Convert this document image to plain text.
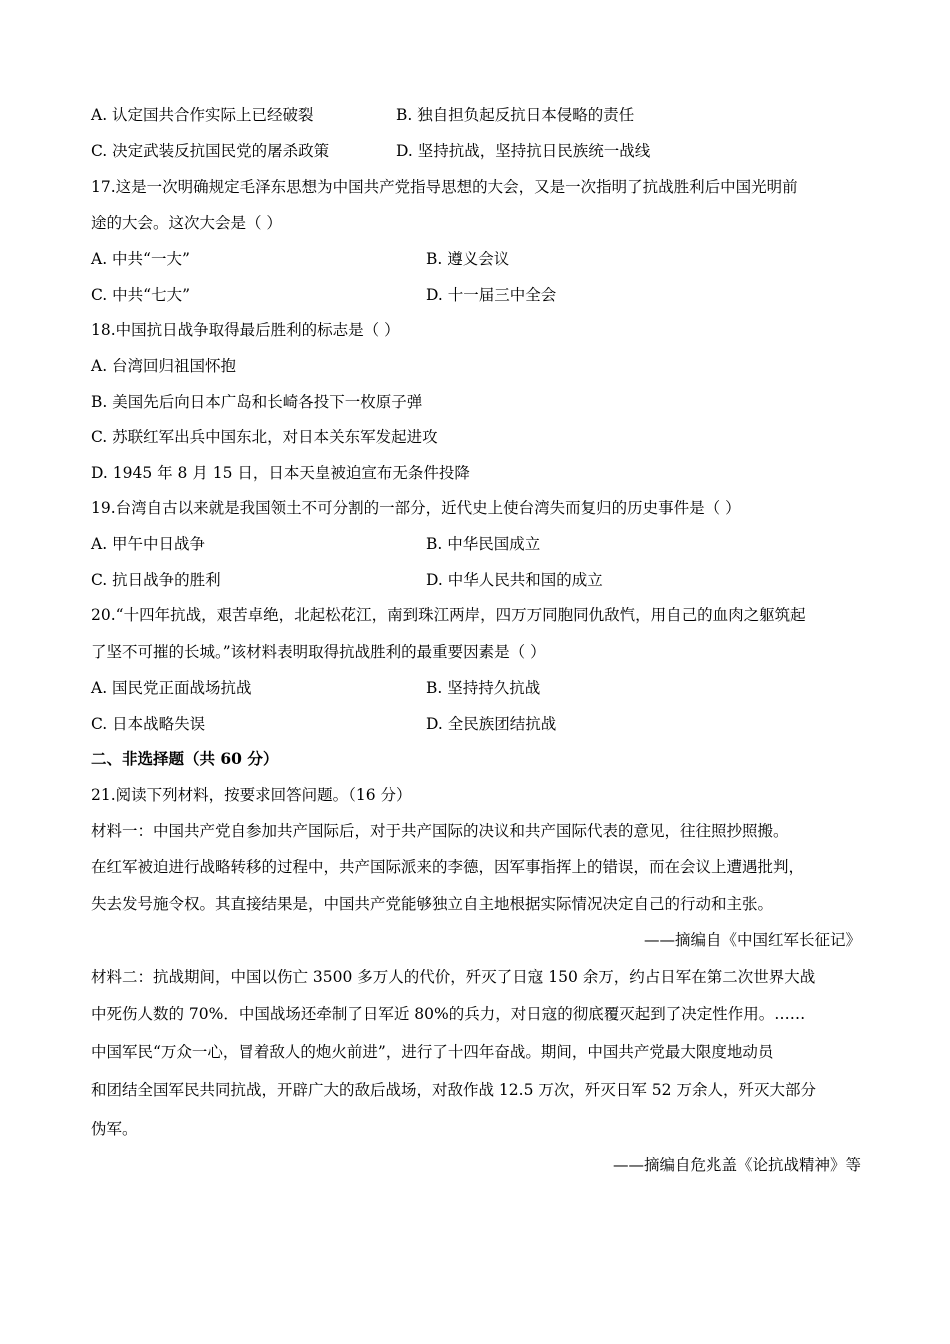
A. 认定国共合作实际上已经破裂	B. 独自担负起反抗日本侵略的责任
C. 决定武装反抗国民党的屠杀政策	D. 坚持抗战，坚持抗日民族统一战线
17.这是一次明确规定毛泽东思想为中国共产党指导思想的大会，又是一次指明了抗战胜利后中国光明前
途的大会。这次大会是（ ）
A. 中共“一大”	B. 遵义会议
C. 中共“七大”	D. 十一届三中全会
18.中国抗日战争取得最后胜利的标志是（ ）
A. 台湾回归祖国怀抱
B. 美国先后向日本广岛和长崎各投下一枚原子弹
C. 苏联红军出兵中国东北，对日本关东军发起进攻
D. 1945 年 8 月 15 日，日本天皇被迫宣布无条件投降
19.台湾自古以来就是我国领土不可分割的一部分，近代史上使台湾失而复归的历史事件是（ ）
A. 甲午中日战争	B. 中华民国成立
C. 抗日战争的胜利	D. 中华人民共和国的成立
20.“十四年抗战，艰苦卓绝，北起松花江，南到珠江两岸，四万万同胞同仇敌忾，用自己的血肉之躯筑起
了坚不可摧的长城。”该材料表明取得抗战胜利的最重要因素是（ ）
A. 国民党正面战场抗战	B. 坚持持久抗战
C. 日本战略失误	D. 全民族团结抗战
二、非选择题（共 60 分）
21.阅读下列材料，按要求回答问题。（16 分）
材料一：中国共产党自参加共产国际后，对于共产国际的决议和共产国际代表的意见，往往照抄照搬。
在红军被迫进行战略转移的过程中，共产国际派来的李德，因军事指挥上的错误，而在会议上遭遇批判，
失去发号施令权。其直接结果是，中国共产党能够独立自主地根据实际情况决定自己的行动和主张。
——摘编自《中国红军长征记》
材料二：抗战期间，中国以伤亡 3500 多万人的代价，歼灭了日寇 150 余万，约占日军在第二次世界大战
中死伤人数的 70%．中国战场还牵制了日军近 80%的兵力，对日寇的彻底覆灭起到了决定性作用。……
中国军民“万众一心，冒着敌人的炮火前进”，进行了十四年奋战。期间，中国共产党最大限度地动员
和团结全国军民共同抗战，开辟广大的敌后战场，对敌作战 12.5 万次，歼灭日军 52 万余人，歼灭大部分
伪军。
——摘编自危兆盖《论抗战精神》等
